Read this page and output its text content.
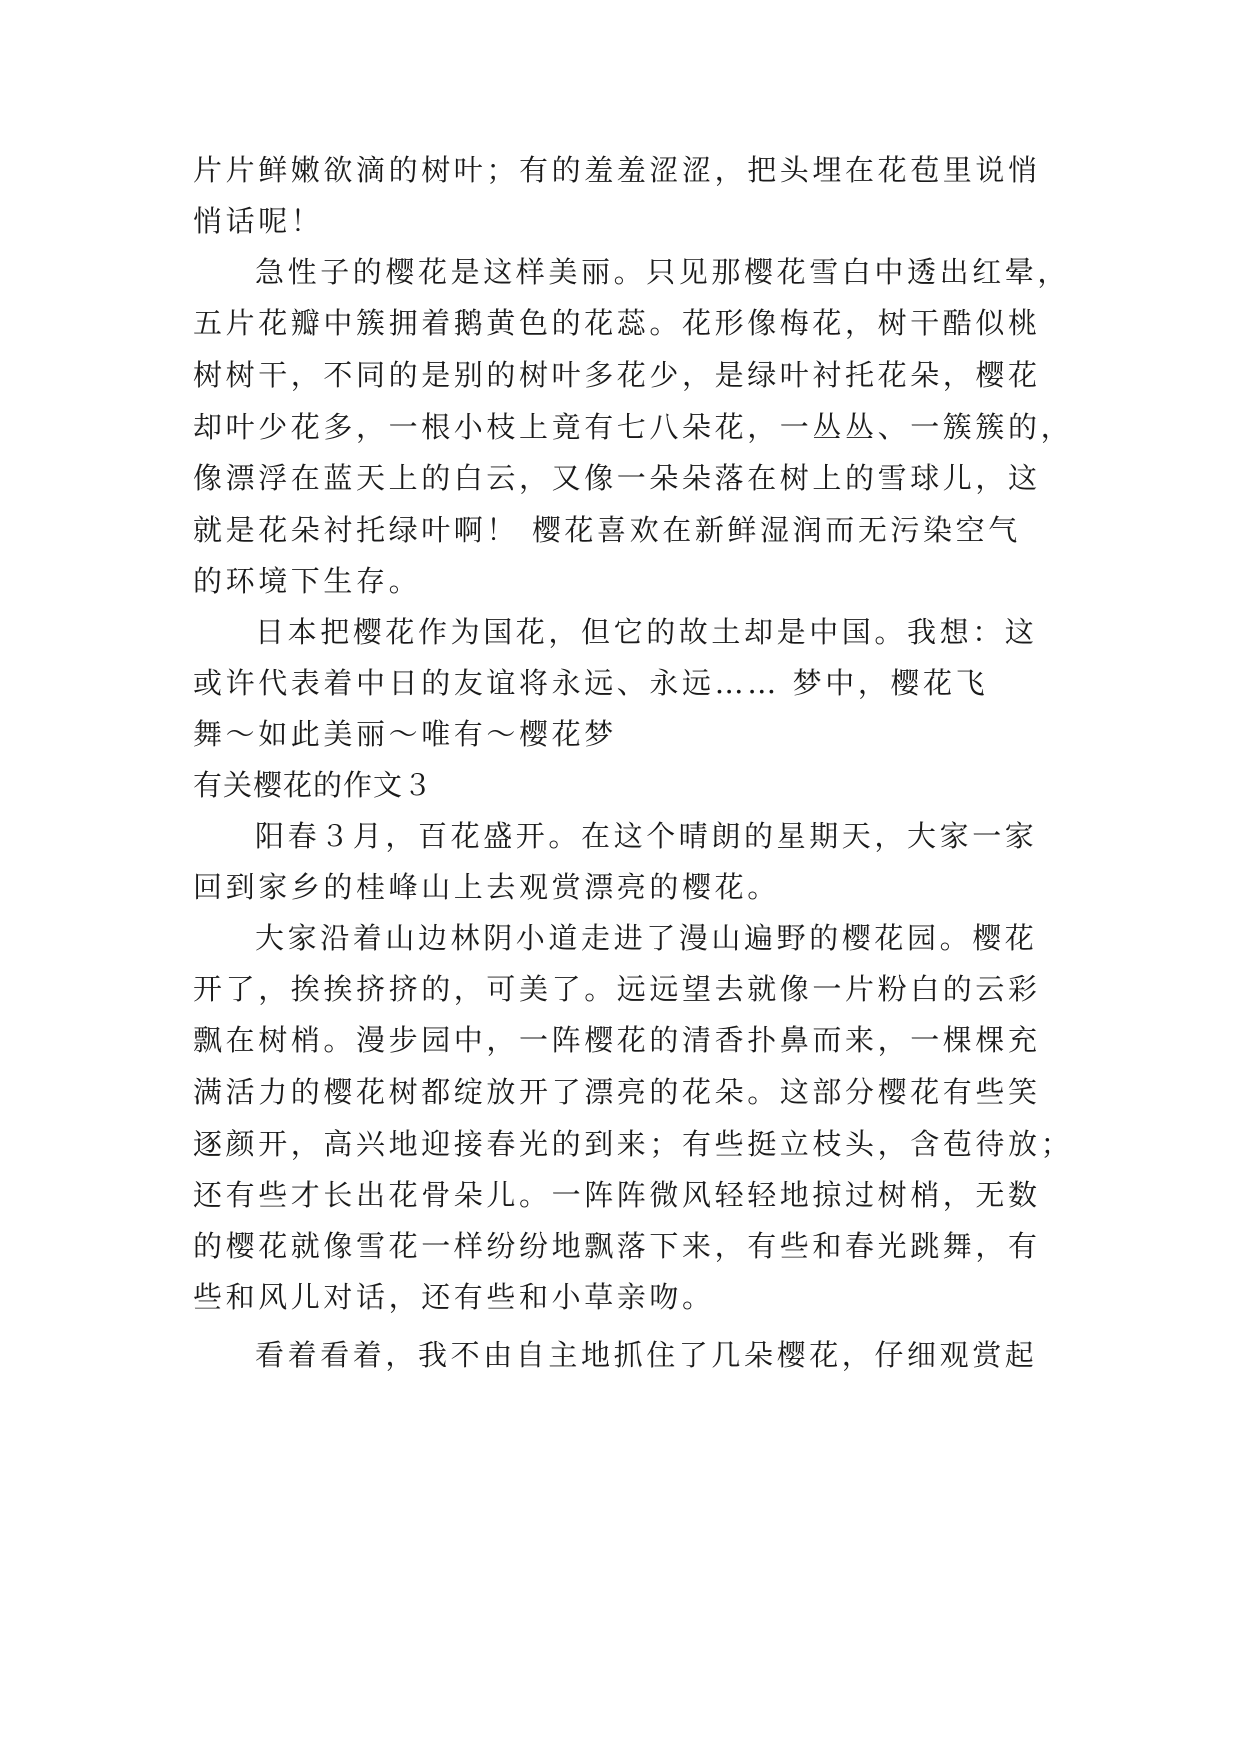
片片鲜嫩欲滴的树叶；有的羞羞涩涩，把头埋在花苞里说悄
悄话呢！
急性子的樱花是这样美丽。只见那樱花雪白中透出红晕，
五片花瓣中簇拥着鹅黄色的花蕊。花形像梅花，树干酷似桃
树树干，不同的是别的树叶多花少，是绿叶衬托花朵，樱花
却叶少花多，一根小枝上竟有七八朵花，一丛丛、一簇簇的，
像漂浮在蓝天上的白云，又像一朵朵落在树上的雪球儿，这
就是花朵衬托绿叶啊！ 樱花喜欢在新鲜湿润而无污染空气
的环境下生存。
日本把樱花作为国花，但它的故土却是中国。我想：这
或许代表着中日的友谊将永远、永远…… 梦中，樱花飞
舞～如此美丽～唯有～樱花梦
有关樱花的作文３
阳春３月，百花盛开。在这个晴朗的星期天，大家一家
回到家乡的桂峰山上去观赏漂亮的樱花。
大家沿着山边林阴小道走进了漫山遍野的樱花园。樱花
开了，挨挨挤挤的，可美了。远远望去就像一片粉白的云彩
飘在树梢。漫步园中，一阵樱花的清香扑鼻而来，一棵棵充
满活力的樱花树都绽放开了漂亮的花朵。这部分樱花有些笑
逐颜开，高兴地迎接春光的到来；有些挺立枝头，含苞待放；
还有些才长出花骨朵儿。一阵阵微风轻轻地掠过树梢，无数
的樱花就像雪花一样纷纷地飘落下来，有些和春光跳舞，有
些和风儿对话，还有些和小草亲吻。
看着看着，我不由自主地抓住了几朵樱花，仔细观赏起
